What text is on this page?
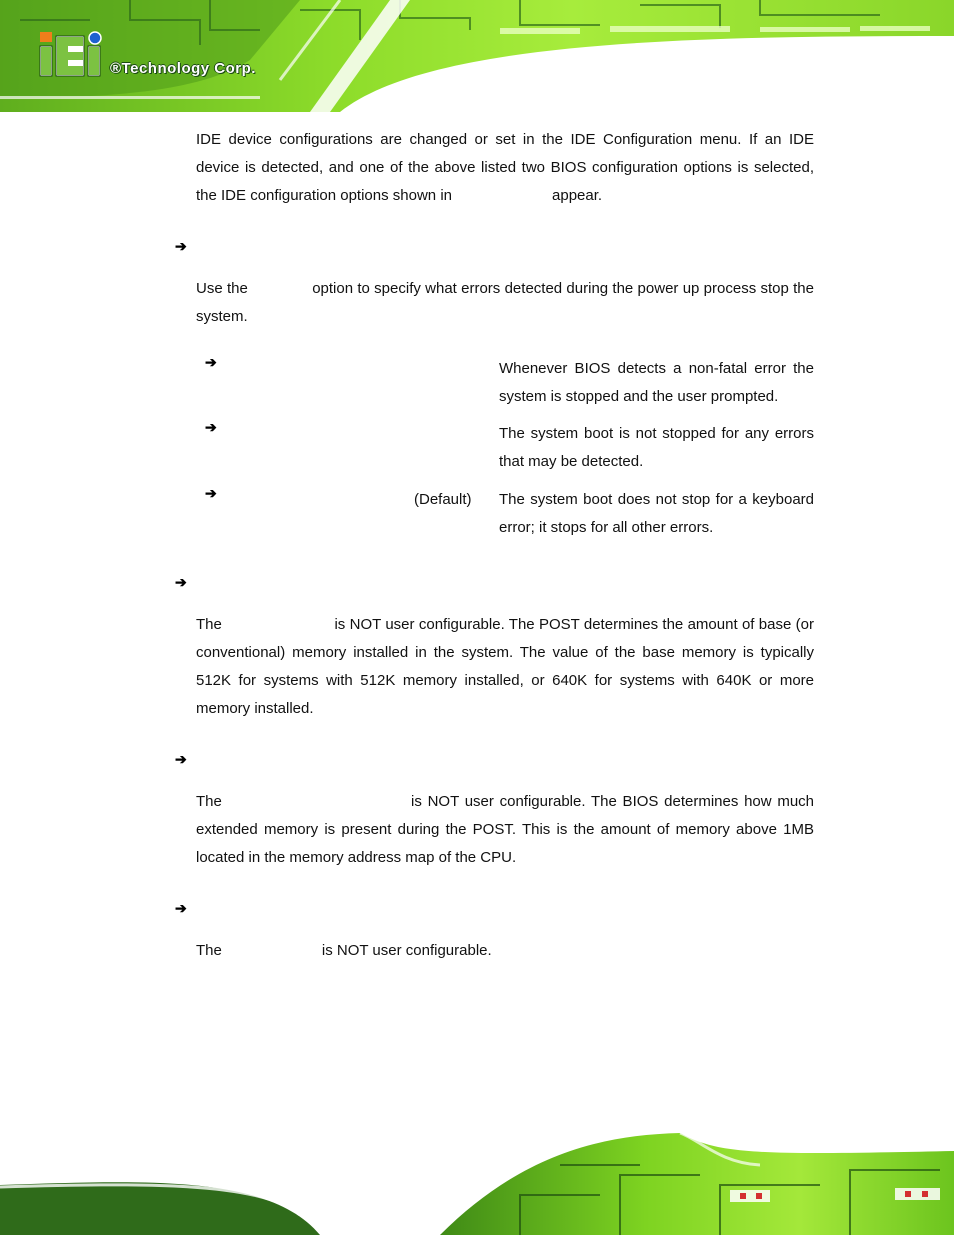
®Technology Corp.

IDE device configurations are changed or set in the IDE Configuration menu. If an IDE device is detected, and one of the above listed two BIOS configuration options is selected, the IDE configuration options shown in                        appear.

➔

Use the               option to specify what errors detected during the power up process stop the system.

➔	Whenever BIOS detects a non-fatal error the system is stopped and the user prompted.

➔	The system boot is not stopped for any errors that may be detected.

➔	(Default) The system boot does not stop for a keyboard error; it stops for all other errors.

➔

The                          is NOT user configurable. The POST determines the amount of base (or conventional) memory installed in the system. The value of the base memory is typically 512K for systems with 512K memory installed, or 640K for systems with 640K or more memory installed.

➔

The                                 is NOT user configurable. The BIOS determines how much extended memory is present during the POST. This is the amount of memory above 1MB located in the memory address map of the CPU.

➔

The                        is NOT user configurable.
